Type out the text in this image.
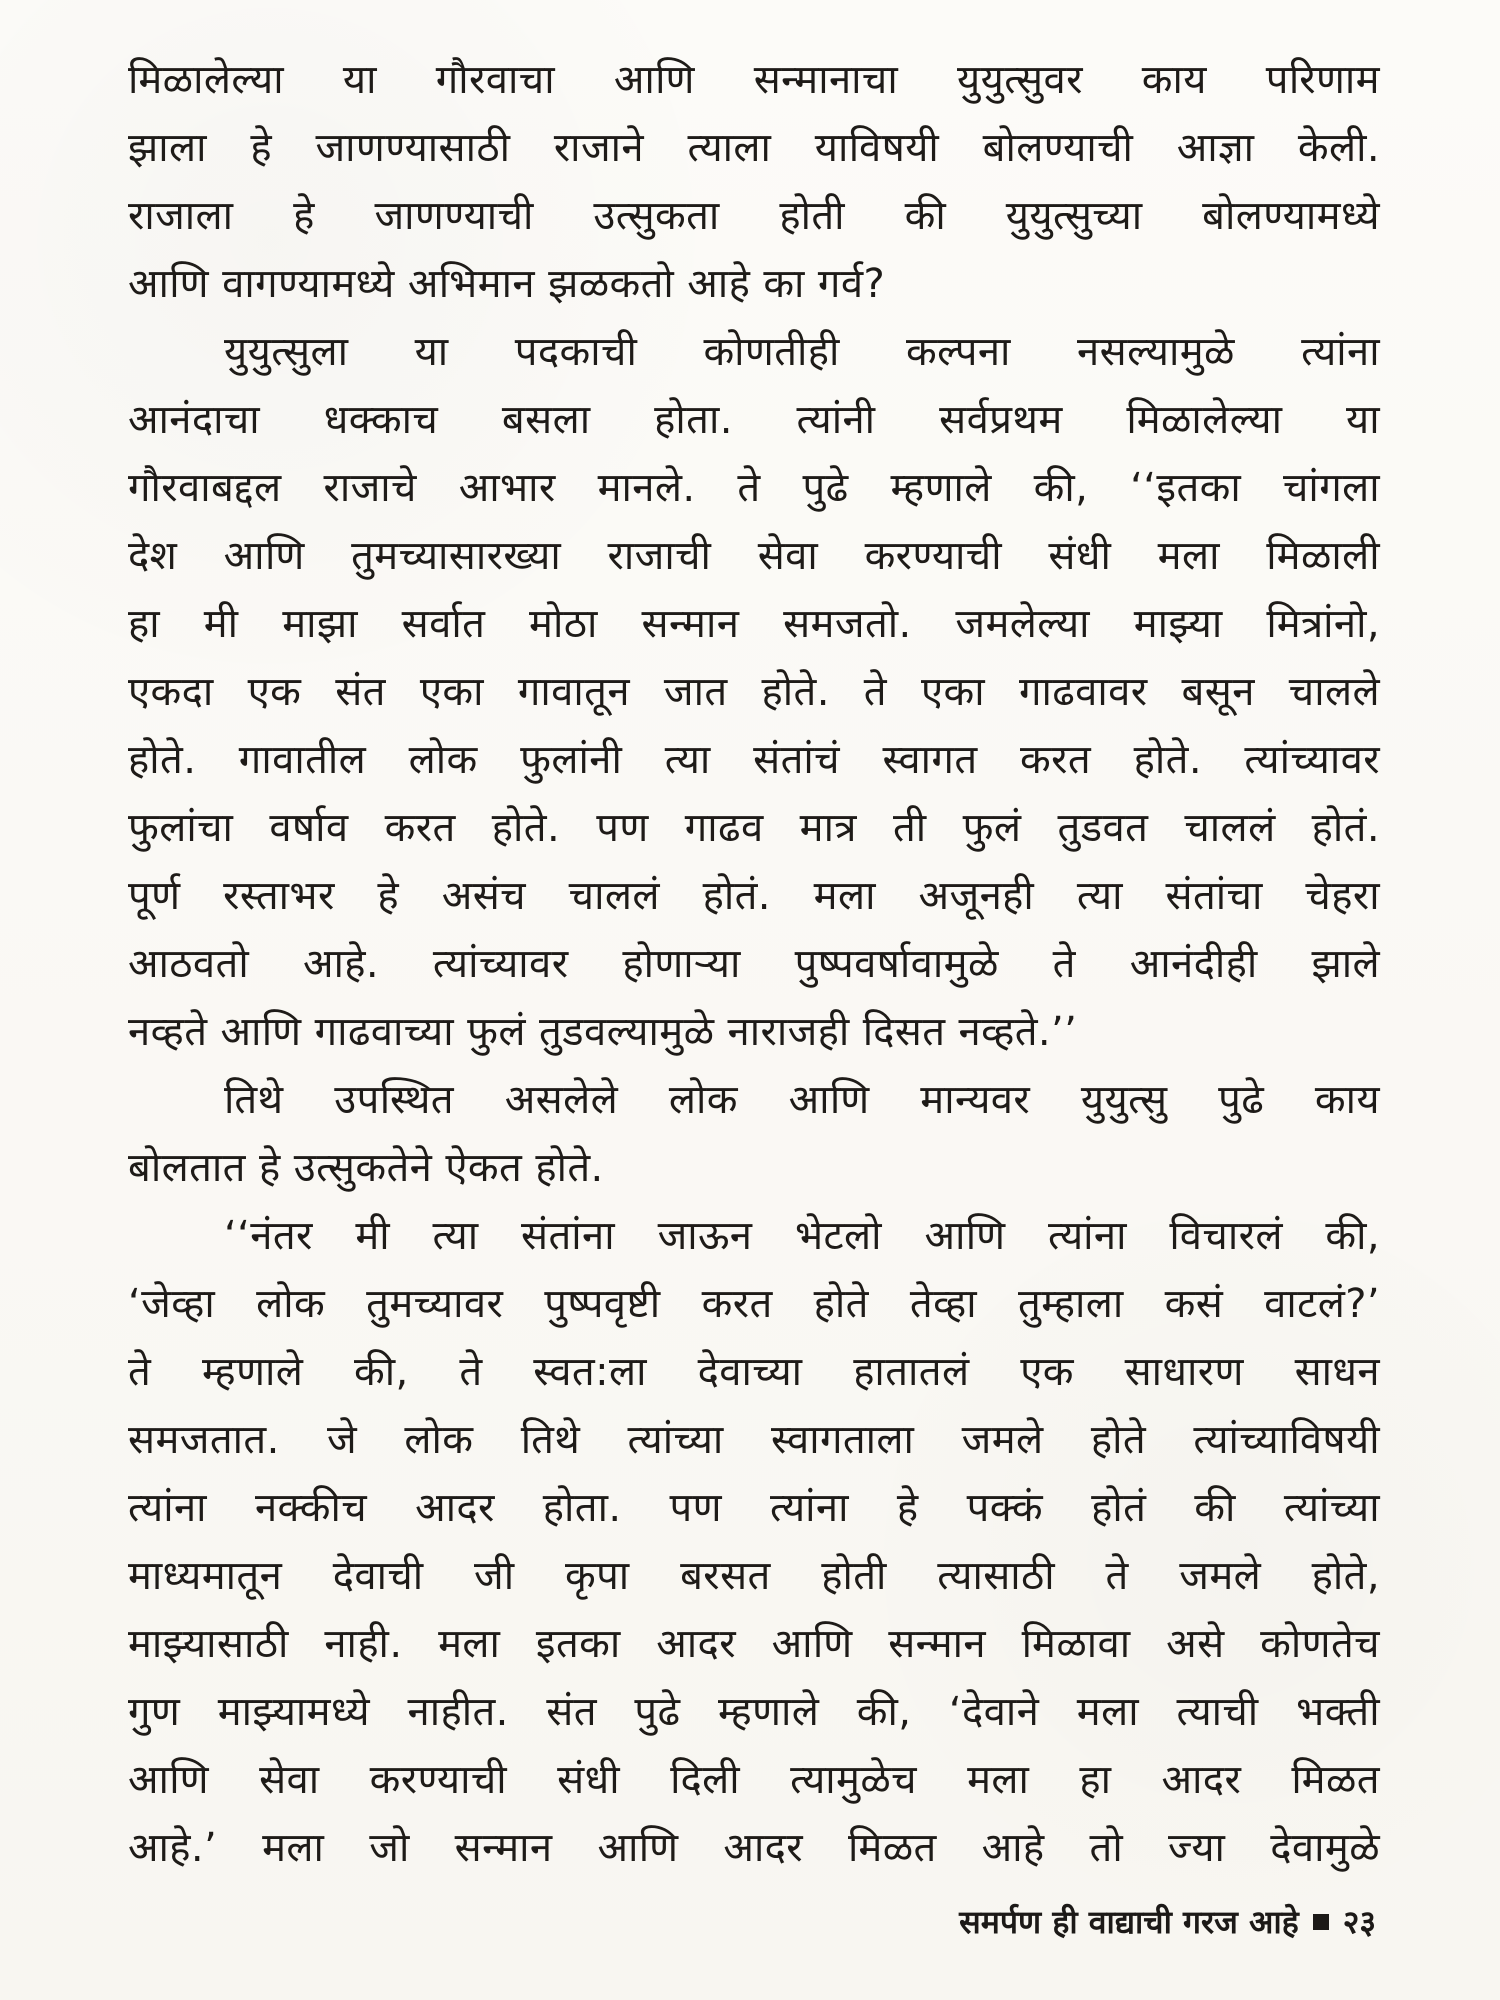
मिळालेल्या या गौरवाचा आणि सन्मानाचा युयुत्सुवर काय परिणाम
झाला हे जाणण्यासाठी राजाने त्याला याविषयी बोलण्याची आज्ञा केली.
राजाला हे जाणण्याची उत्सुकता होती की युयुत्सुच्या बोलण्यामध्ये
आणि वागण्यामध्ये अभिमान झळकतो आहे का गर्व?
युयुत्सुला या पदकाची कोणतीही कल्पना नसल्यामुळे त्यांना
आनंदाचा धक्काच बसला होता. त्यांनी सर्वप्रथम मिळालेल्या या
गौरवाबद्दल राजाचे आभार मानले. ते पुढे म्हणाले की, ‘‘इतका चांगला
देश आणि तुमच्यासारख्या राजाची सेवा करण्याची संधी मला मिळाली
हा मी माझा सर्वात मोठा सन्मान समजतो. जमलेल्या माझ्या मित्रांनो,
एकदा एक संत एका गावातून जात होते. ते एका गाढवावर बसून चालले
होते. गावातील लोक फुलांनी त्या संतांचं स्वागत करत होते. त्यांच्यावर
फुलांचा वर्षाव करत होते. पण गाढव मात्र ती फुलं तुडवत चाललं होतं.
पूर्ण रस्ताभर हे असंच चाललं होतं. मला अजूनही त्या संतांचा चेहरा
आठवतो आहे. त्यांच्यावर होणाऱ्या पुष्पवर्षावामुळे ते आनंदीही झाले
नव्हते आणि गाढवाच्या फुलं तुडवल्यामुळे नाराजही दिसत नव्हते.’’
तिथे उपस्थित असलेले लोक आणि मान्यवर युयुत्सु पुढे काय
बोलतात हे उत्सुकतेने ऐकत होते.
‘‘नंतर मी त्या संतांना जाऊन भेटलो आणि त्यांना विचारलं की,
‘जेव्हा लोक तुमच्यावर पुष्पवृष्टी करत होते तेव्हा तुम्हाला कसं वाटलं?’
ते म्हणाले की, ते स्वत:ला देवाच्या हातातलं एक साधारण साधन
समजतात. जे लोक तिथे त्यांच्या स्वागताला जमले होते त्यांच्याविषयी
त्यांना नक्कीच आदर होता. पण त्यांना हे पक्कं होतं की त्यांच्या
माध्यमातून देवाची जी कृपा बरसत होती त्यासाठी ते जमले होते,
माझ्यासाठी नाही. मला इतका आदर आणि सन्मान मिळावा असे कोणतेच
गुण माझ्यामध्ये नाहीत. संत पुढे म्हणाले की, ‘देवाने मला त्याची भक्ती
आणि सेवा करण्याची संधी दिली त्यामुळेच मला हा आदर मिळत
आहे.’ मला जो सन्मान आणि आदर मिळत आहे तो ज्या देवामुळे
समर्पण ही वाद्याची गरज आहे २३
